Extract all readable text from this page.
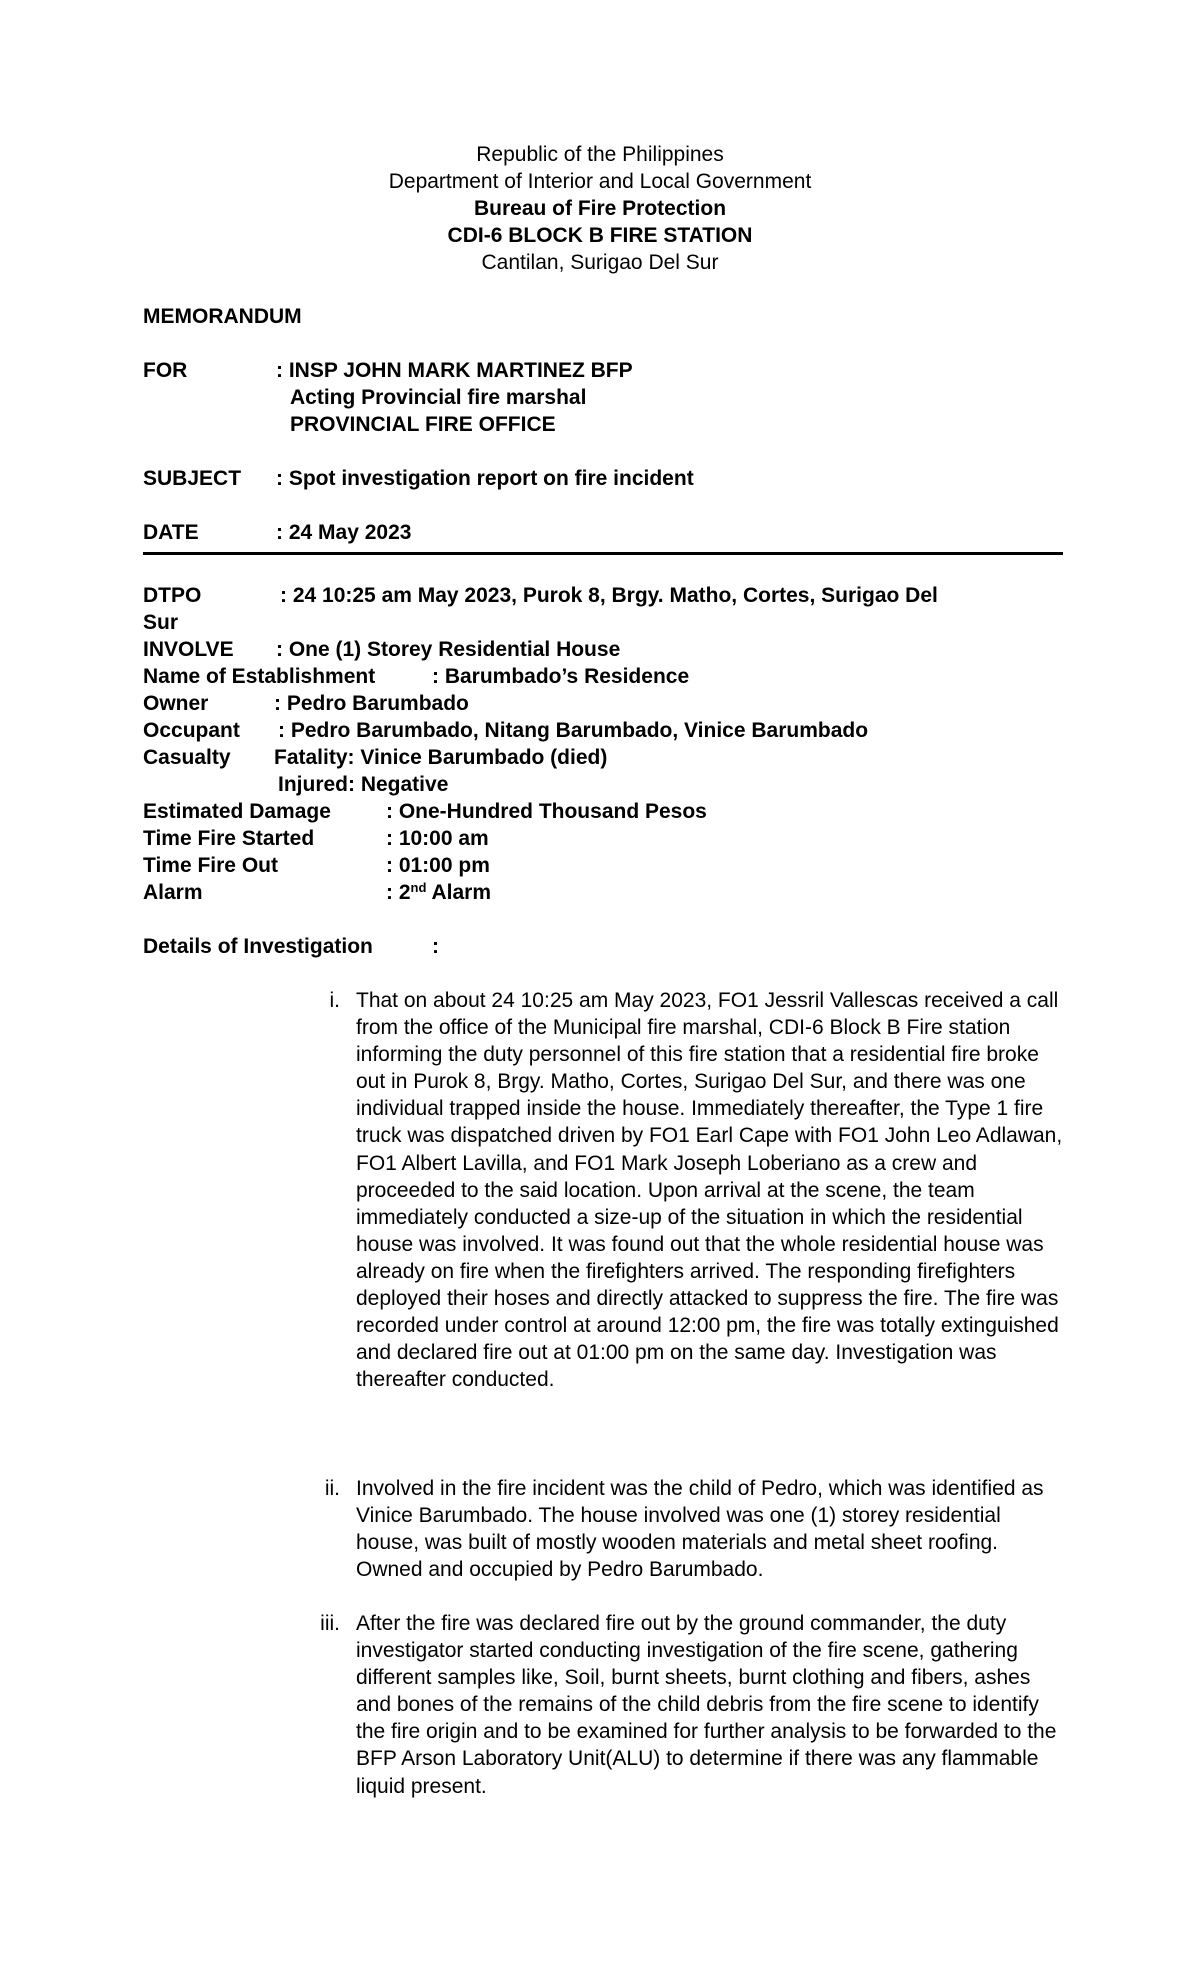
Republic of the Philippines
Department of Interior and Local Government
Bureau of Fire Protection
CDI-6 BLOCK B FIRE STATION
Cantilan, Surigao Del Sur
MEMORANDUM
FOR	: INSP JOHN MARK MARTINEZ BFP
Acting Provincial fire marshal
PROVINCIAL FIRE OFFICE
SUBJECT : Spot investigation report on fire incident
DATE	: 24 May 2023
DTPO	: 24 10:25 am May 2023, Purok 8, Brgy. Matho, Cortes, Surigao Del
Sur
INVOLVE : One (1) Storey Residential House
Name of Establishment	: Barumbado’s Residence
Owner	: Pedro Barumbado
Occupant : Pedro Barumbado, Nitang Barumbado, Vinice Barumbado
Casualty Fatality: Vinice Barumbado (died)
Injured: Negative
Estimated Damage	: One-Hundred Thousand Pesos
Time Fire Started	: 10:00 am
Time Fire Out	: 01:00 pm
Alarm	: 2nd Alarm
Details of Investigation	:
i. That on about 24 10:25 am May 2023, FO1 Jessril Vallescas received a call from the office of the Municipal fire marshal, CDI-6 Block B Fire station informing the duty personnel of this fire station that a residential fire broke out in Purok 8, Brgy. Matho, Cortes, Surigao Del Sur, and there was one individual trapped inside the house. Immediately thereafter, the Type 1 fire truck was dispatched driven by FO1 Earl Cape with FO1 John Leo Adlawan, FO1 Albert Lavilla, and FO1 Mark Joseph Loberiano as a crew and proceeded to the said location. Upon arrival at the scene, the team immediately conducted a size-up of the situation in which the residential house was involved. It was found out that the whole residential house was already on fire when the firefighters arrived. The responding firefighters deployed their hoses and directly attacked to suppress the fire. The fire was recorded under control at around 12:00 pm, the fire was totally extinguished and declared fire out at 01:00 pm on the same day. Investigation was thereafter conducted.
ii. Involved in the fire incident was the child of Pedro, which was identified as Vinice Barumbado. The house involved was one (1) storey residential house, was built of mostly wooden materials and metal sheet roofing. Owned and occupied by Pedro Barumbado.
iii. After the fire was declared fire out by the ground commander, the duty investigator started conducting investigation of the fire scene, gathering different samples like, Soil, burnt sheets, burnt clothing and fibers, ashes and bones of the remains of the child debris from the fire scene to identify the fire origin and to be examined for further analysis to be forwarded to the BFP Arson Laboratory Unit(ALU) to determine if there was any flammable liquid present.
